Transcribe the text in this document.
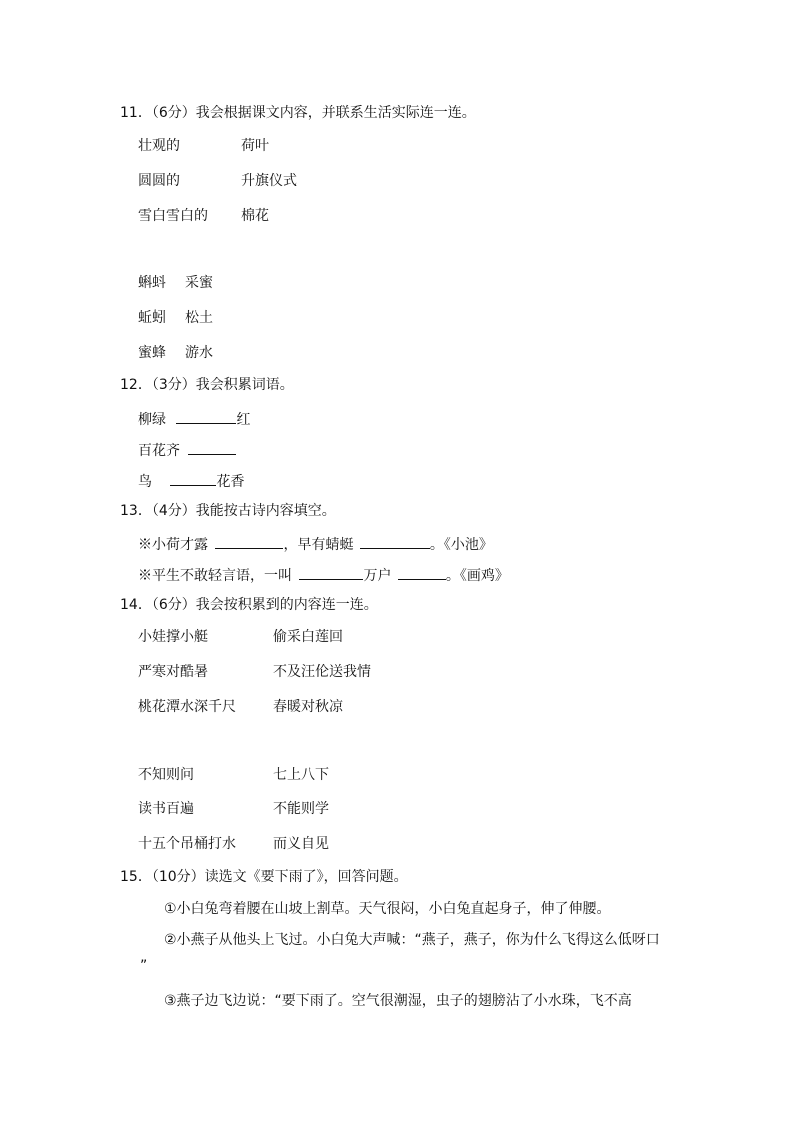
11．（6分）我会根据课文内容，并联系生活实际连一连。
壮观的	荷叶
圆圆的	升旗仪式
雪白雪白的 棉花
蝌蚪 采蜜
蚯蚓 松土
蜜蜂 游水
12．（3分）我会积累词语。
柳绿	红
百花齐
鸟	花香
13．（4分）我能按古诗内容填空。
※小荷才露	，早有蜻蜓	。《小池》
※平生不敢轻言语，一叫	万户	。《画鸡》
14．（6分）我会按积累到的内容连一连。
小娃撑小艇	偷采白莲回
严寒对酷暑	不及汪伦送我情
桃花潭水深千尺	春暖对秋凉
不知则问	七上八下
读书百遍	不能则学
十五个吊桶打水	而义自见
15．（10分）读选文《要下雨了》，回答问题。
①小白兔弯着腰在山坡上割草。天气很闷，小白兔直起身子，伸了伸腰。
②小燕子从他头上飞过。小白兔大声喊：“燕子，燕子，你为什么飞得这么低呀口
”
③燕子边飞边说：“要下雨了。空气很潮湿，虫子的翅膀沾了小水珠，飞不高
